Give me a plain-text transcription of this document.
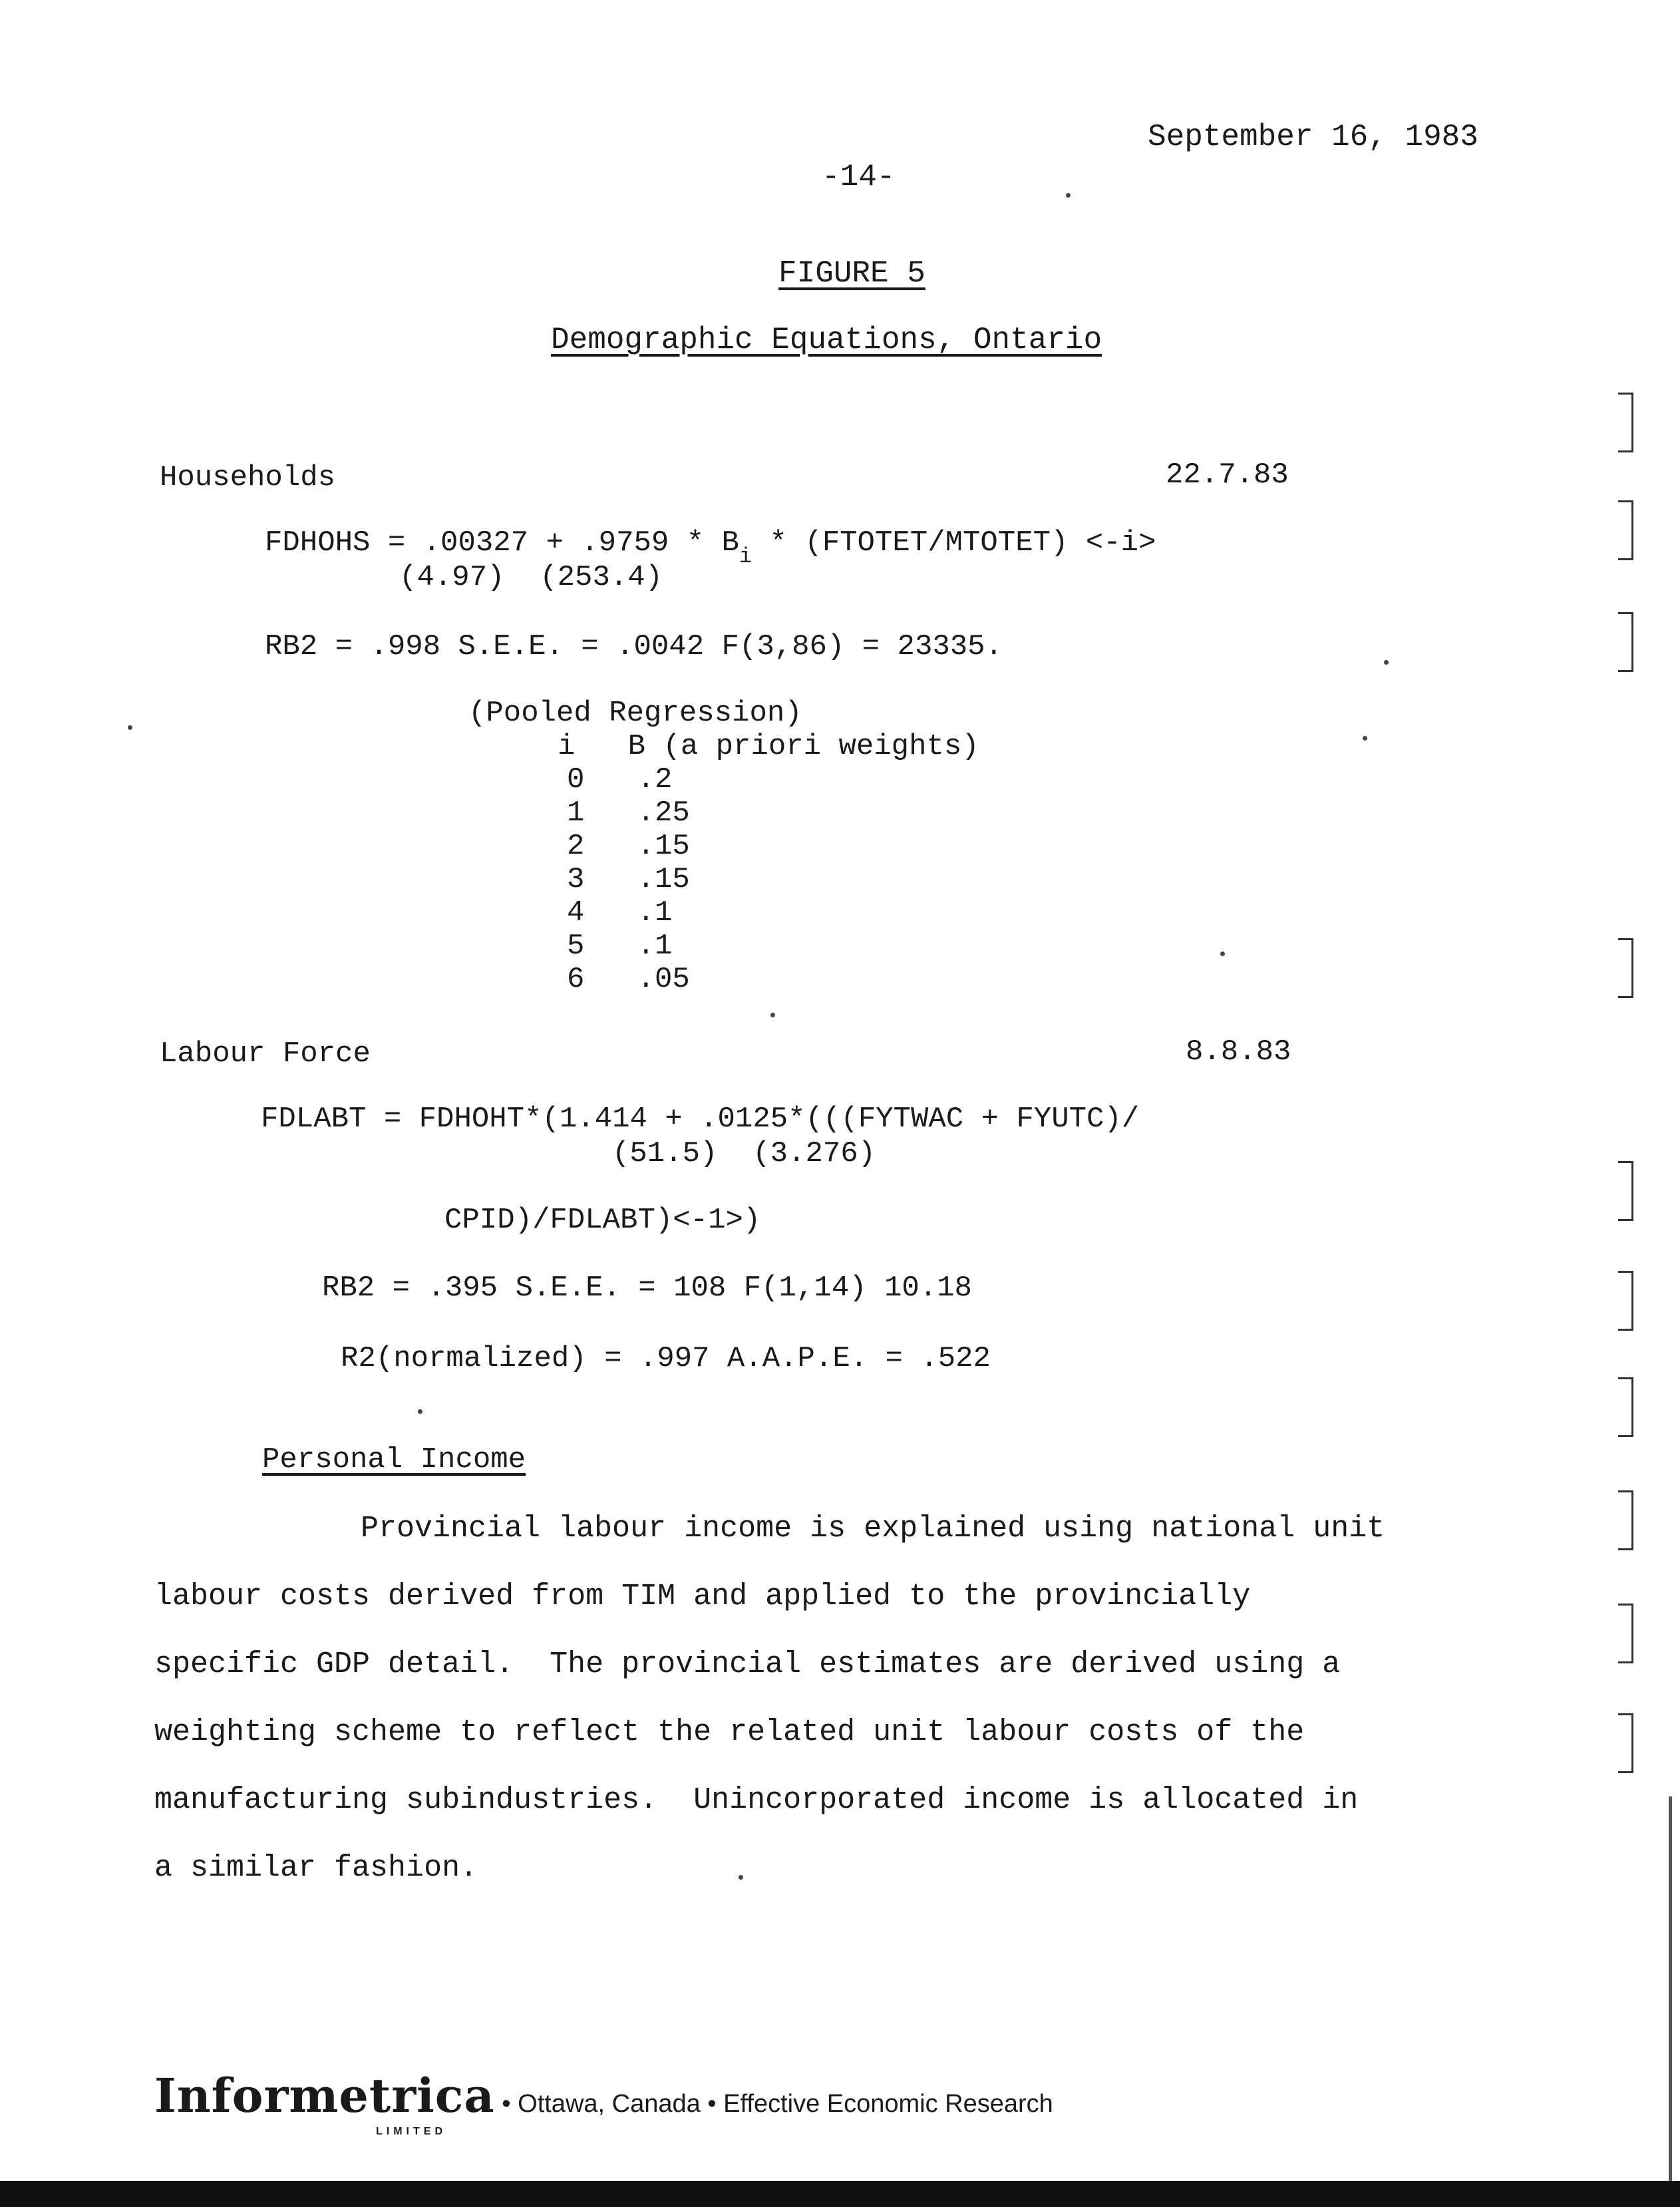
September 16, 1983
-14-
FIGURE 5
Demographic Equations, Ontario
Households	22.7.83
FDHOHS = $.00327 + .9759 * B_i$ * (FTOTET/MTOTET) <-i>
(4.97)  (253.4)
RB2 = .998 S.E.E. = .0042 F(3,86) = 23335.
(Pooled Regression)
i   B (a priori weights)
0   .2
1   .25
2   .15
3   .15
4   .1
5   .1
6   .05
Labour Force	8.8.83
FDLABT = FDHOHT*(1.414 + .0125*(((FYTWAC + FYUTC)/
(51.5)  (3.276)
CPID)/FDLABT)<-1>)
RB2 = .395 S.E.E. = 108 F(1,14) 10.18
R2(normalized) = .997 A.A.P.E. = .522
Personal Income
Provincial labour income is explained using national unit
labour costs derived from TIM and applied to the provincially
specific GDP detail.  The provincial estimates are derived using a
weighting scheme to reflect the related unit labour costs of the
manufacturing subindustries.  Unincorporated income is allocated in
a similar fashion.
Informetrica • Ottawa, Canada • Effective Economic Research
LIMITED
